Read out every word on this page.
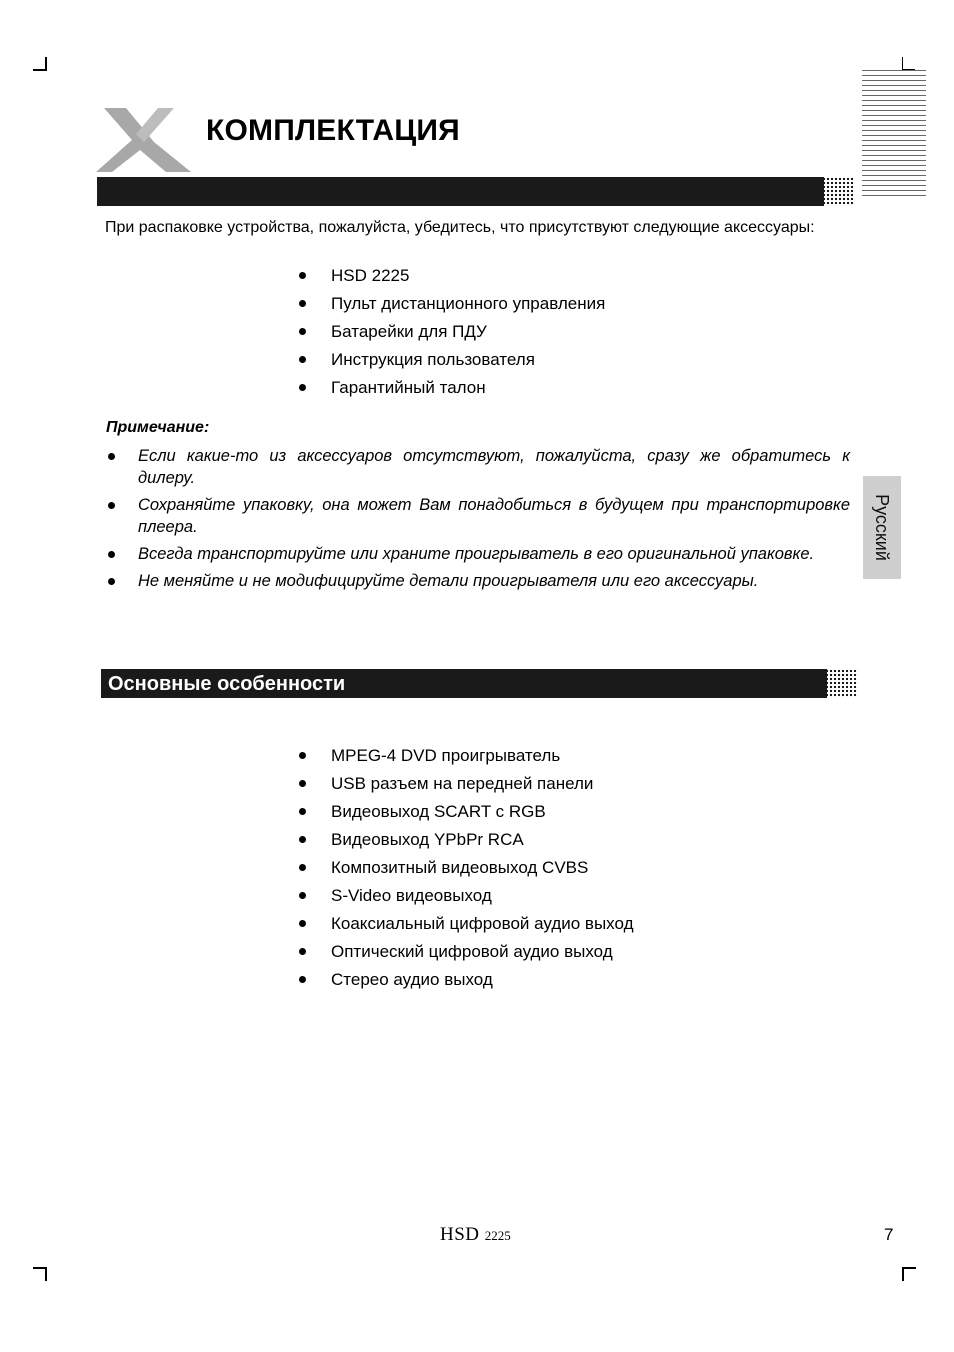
КОМПЛЕКТАЦИЯ
При распаковке устройства, пожалуйста, убедитесь, что присутствуют следующие аксессуары:
HSD 2225
Пульт дистанционного управления
Батарейки для ПДУ
Инструкция пользователя
Гарантийный талон
Примечание:
Если какие-то из аксессуаров отсутствуют, пожалуйста, сразу же обратитесь к дилеру.
Сохраняйте упаковку, она может Вам понадобиться в будущем при транспортировке плеера.
Всегда транспортируйте или храните проигрыватель в его оригинальной упаковке.
Не меняйте и не модифицируйте детали проигрывателя или его аксессуары.
Русский
Основные особенности
MPEG-4 DVD проигрыватель
USB разъем на передней панели
Видеовыход SCART с RGB
Видеовыход YPbPr RCA
Композитный видеовыход CVBS
S-Video видеовыход
Коаксиальный цифровой аудио выход
Оптический цифровой аудио выход
Стерео аудио выход
HSD 2225	7
